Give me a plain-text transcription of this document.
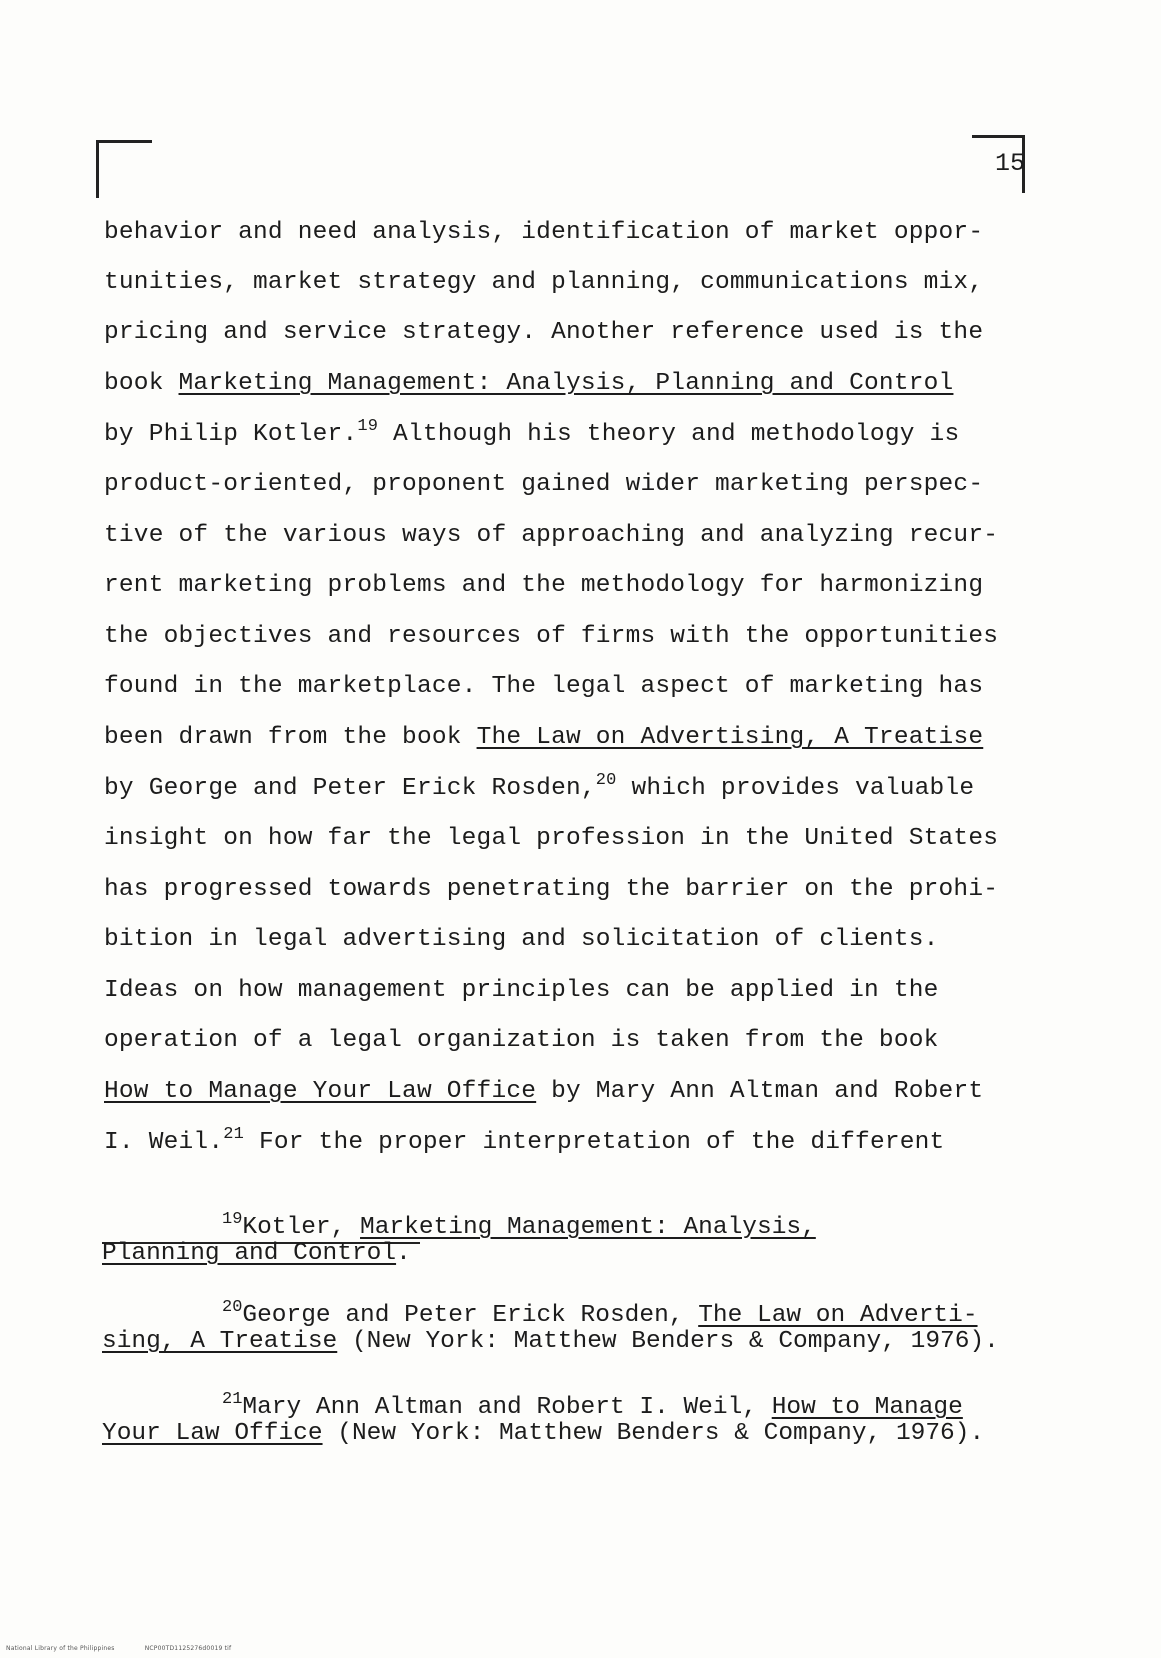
15
behavior and need analysis, identification of market oppor-
tunities, market strategy and planning, communications mix,
pricing and service strategy. Another reference used is the
book Marketing Management: Analysis, Planning and Control
by Philip Kotler.$^{19}$ Although his theory and methodology is
product-oriented, proponent gained wider marketing perspec-
tive of the various ways of approaching and analyzing recur-
rent marketing problems and the methodology for harmonizing
the objectives and resources of firms with the opportunities
found in the marketplace. The legal aspect of marketing has
been drawn from the book The Law on Advertising, A Treatise
by George and Peter Erick Rosden,$^{20}$ which provides valuable
insight on how far the legal profession in the United States
has progressed towards penetrating the barrier on the prohi-
bition in legal advertising and solicitation of clients.
Ideas on how management principles can be applied in the
operation of a legal organization is taken from the book
How to Manage Your Law Office by Mary Ann Altman and Robert
I. Weil.$^{21}$ For the proper interpretation of the different
$^{19}$Kotler, Marketing Management: Analysis,
Planning and Control.
$^{20}$George and Peter Erick Rosden, The Law on Adverti-
sing, A Treatise (New York: Matthew Benders & Company, 1976).
$^{21}$Mary Ann Altman and Robert I. Weil, How to Manage
Your Law Office (New York: Matthew Benders & Company, 1976).
National Library of the Philippines	NCP00TD1125276d0019 tif
